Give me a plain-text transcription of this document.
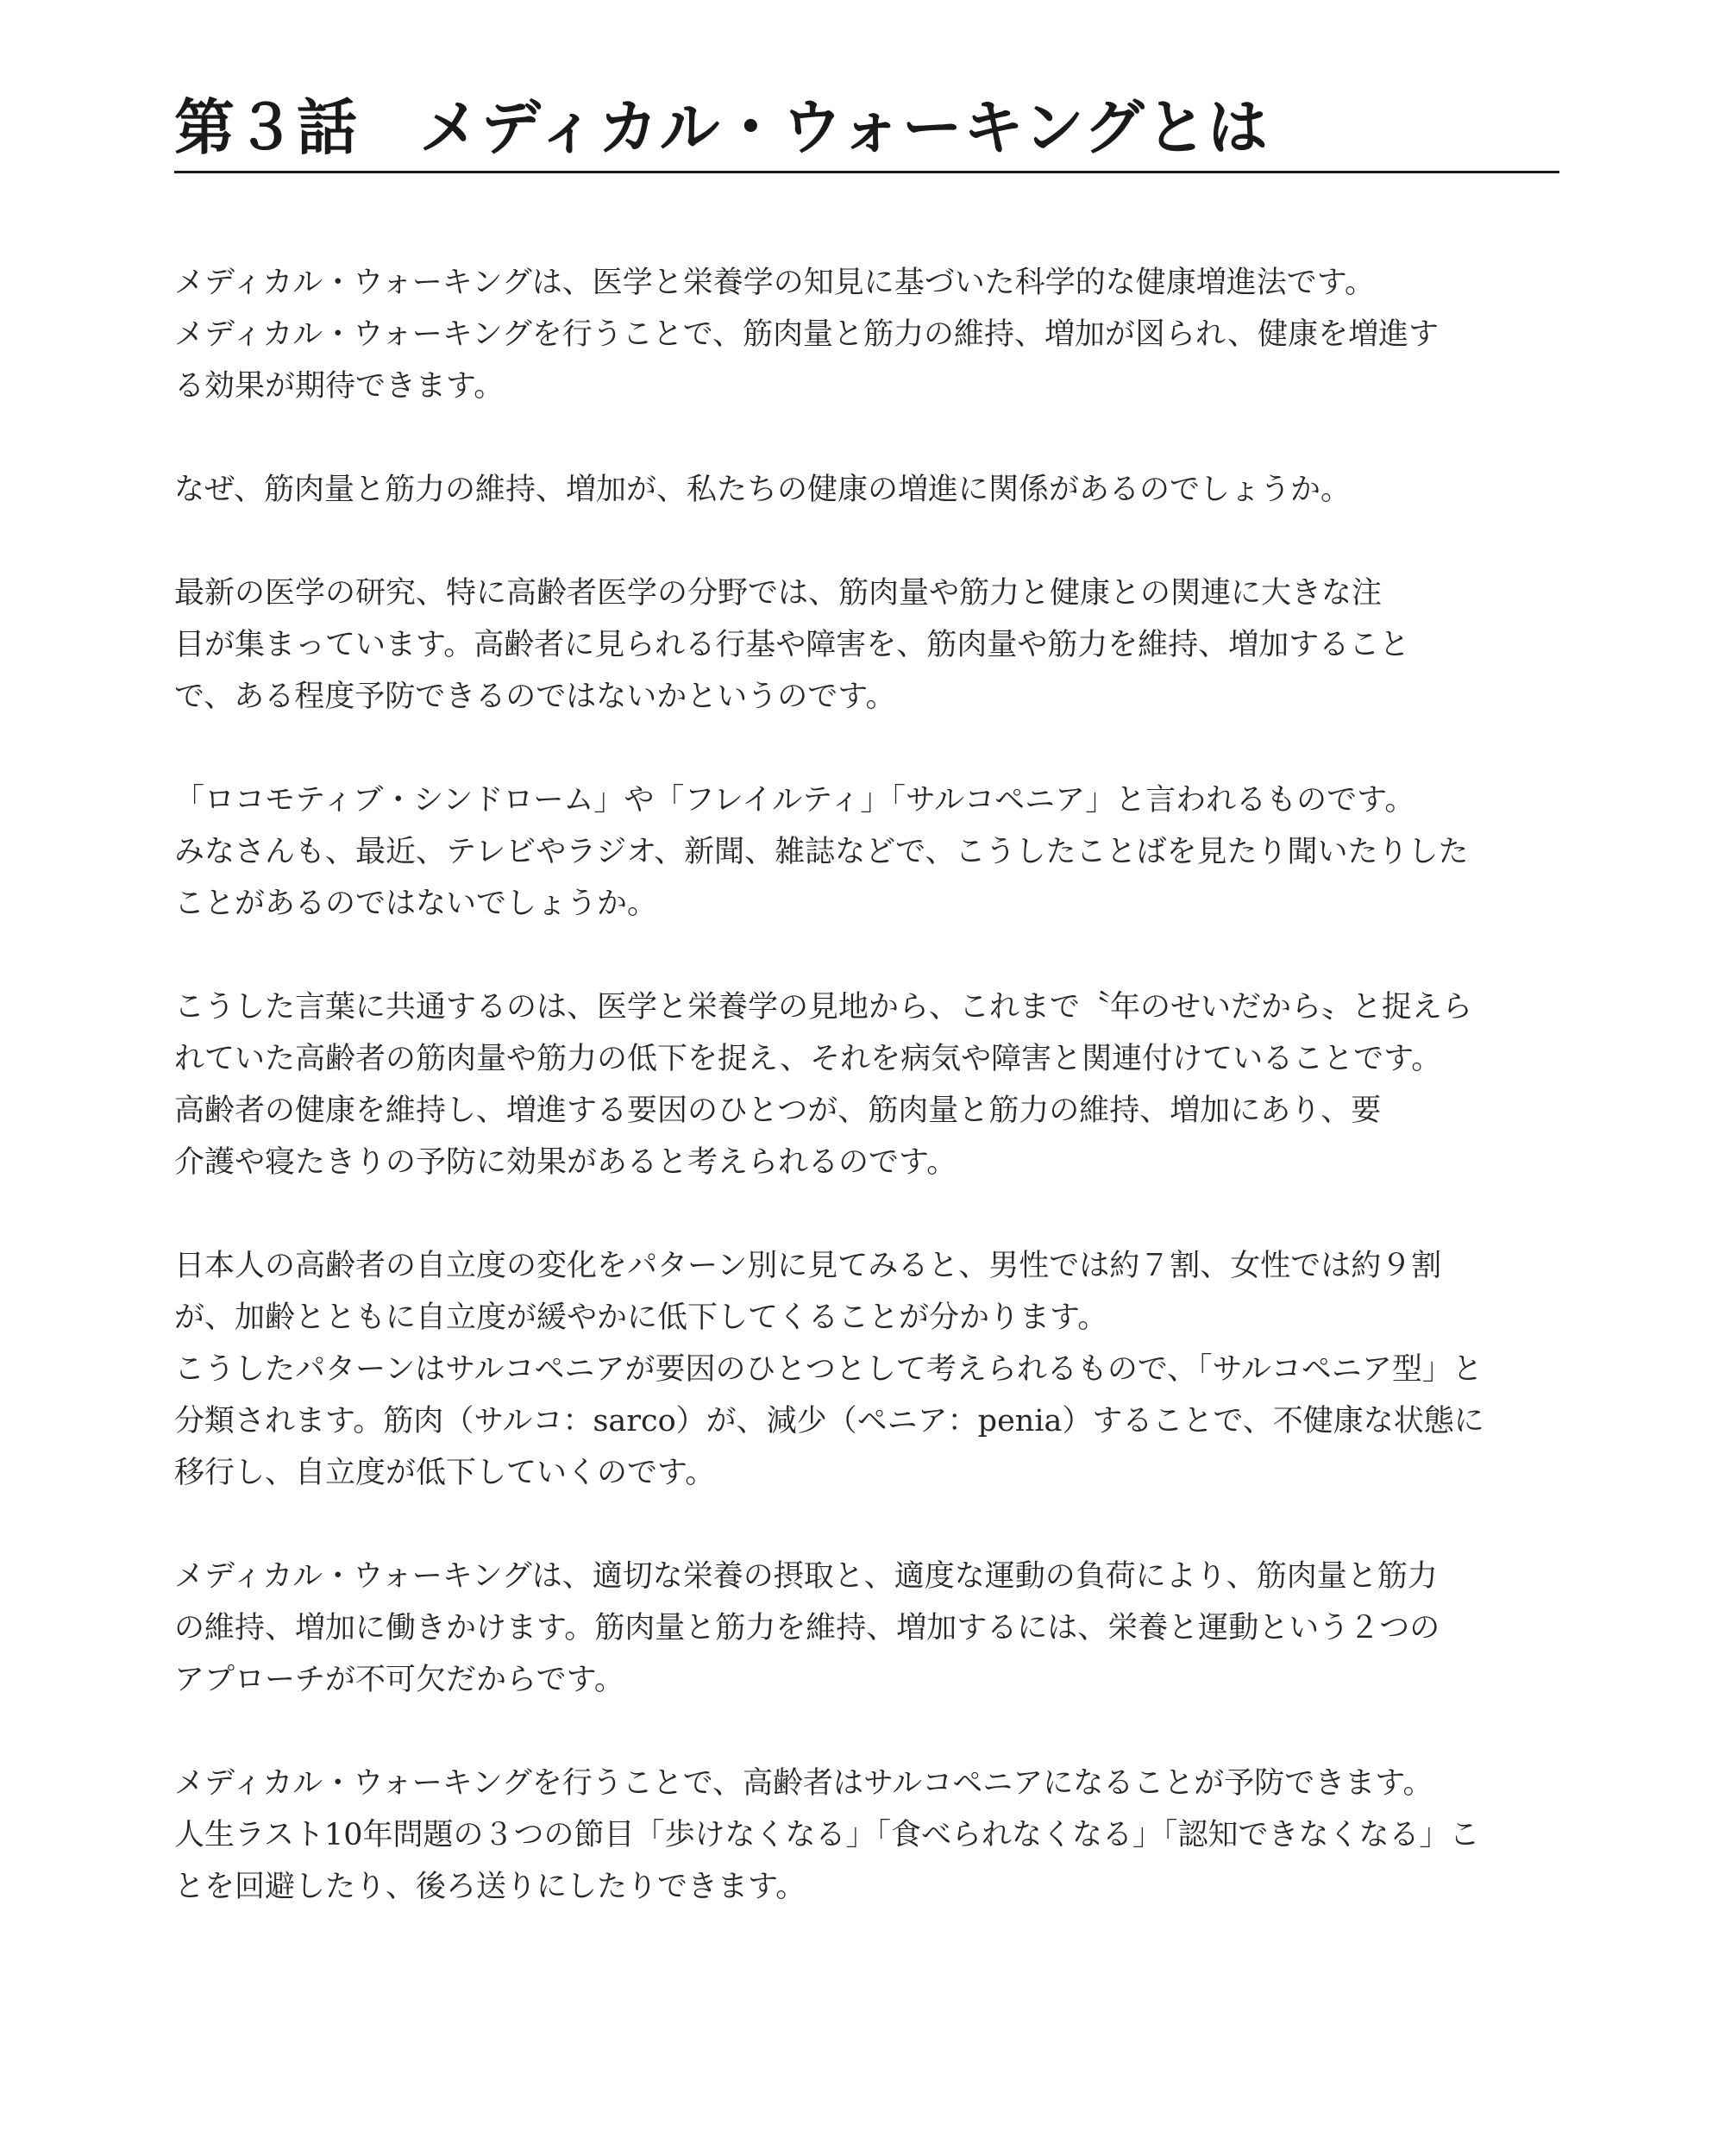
第３話　メディカル・ウォーキングとは

メディカル・ウォーキングは、医学と栄養学の知見に基づいた科学的な健康増進法です。
メディカル・ウォーキングを行うことで、筋肉量と筋力の維持、増加が図られ、健康を増進す
る効果が期待できます。

なぜ、筋肉量と筋力の維持、増加が、私たちの健康の増進に関係があるのでしょうか。

最新の医学の研究、特に高齢者医学の分野では、筋肉量や筋力と健康との関連に大きな注
目が集まっています。高齢者に見られる行基や障害を、筋肉量や筋力を維持、増加すること
で、ある程度予防できるのではないかというのです。

「ロコモティブ・シンドローム」や「フレイルティ」「サルコペニア」と言われるものです。
みなさんも、最近、テレビやラジオ、新聞、雑誌などで、こうしたことばを見たり聞いたりした
ことがあるのではないでしょうか。

こうした言葉に共通するのは、医学と栄養学の見地から、これまで〝年のせいだから〟と捉えら
れていた高齢者の筋肉量や筋力の低下を捉え、それを病気や障害と関連付けていることです。
高齢者の健康を維持し、増進する要因のひとつが、筋肉量と筋力の維持、増加にあり、要
介護や寝たきりの予防に効果があると考えられるのです。

日本人の高齢者の自立度の変化をパターン別に見てみると、男性では約７割、女性では約９割
が、加齢とともに自立度が緩やかに低下してくることが分かります。
こうしたパターンはサルコペニアが要因のひとつとして考えられるもので、「サルコペニア型」と
分類されます。筋肉（サルコ：sarco）が、減少（ペニア：penia）することで、不健康な状態に
移行し、自立度が低下していくのです。

メディカル・ウォーキングは、適切な栄養の摂取と、適度な運動の負荷により、筋肉量と筋力
の維持、増加に働きかけます。筋肉量と筋力を維持、増加するには、栄養と運動という２つの
アプローチが不可欠だからです。

メディカル・ウォーキングを行うことで、高齢者はサルコペニアになることが予防できます。
人生ラスト10年問題の３つの節目「歩けなくなる」「食べられなくなる」「認知できなくなる」こ
とを回避したり、後ろ送りにしたりできます。
